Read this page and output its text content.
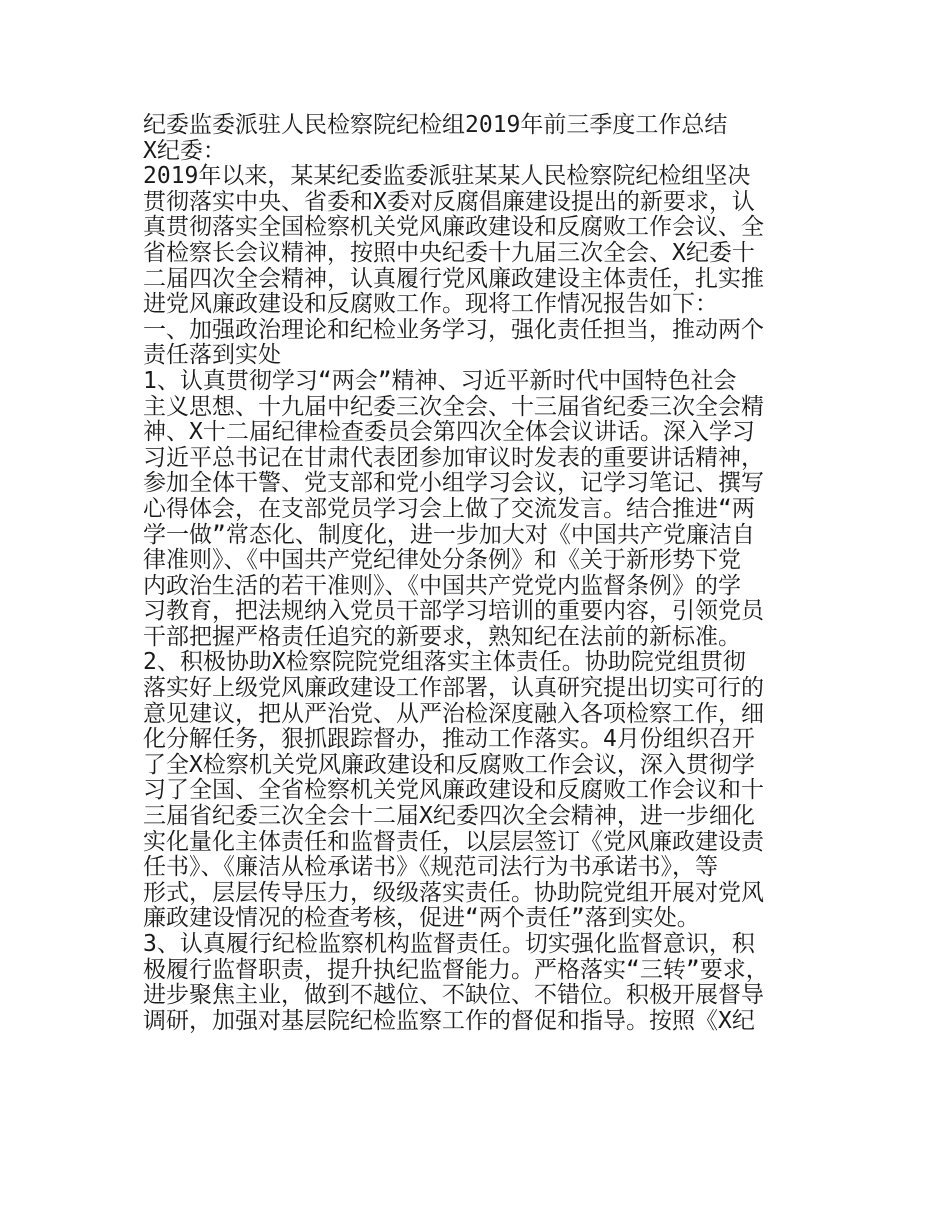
纪委监委派驻人民检察院纪检组2019年前三季度工作总结
X纪委：
2019年以来，某某纪委监委派驻某某人民检察院纪检组坚决
贯彻落实中央、省委和X委对反腐倡廉建设提出的新要求，认
真贯彻落实全国检察机关党风廉政建设和反腐败工作会议、全
省检察长会议精神，按照中央纪委十九届三次全会、X纪委十
二届四次全会精神，认真履行党风廉政建设主体责任，扎实推
进党风廉政建设和反腐败工作。现将工作情况报告如下：
一、加强政治理论和纪检业务学习，强化责任担当，推动两个
责任落到实处
1、认真贯彻学习“两会”精神、习近平新时代中国特色社会
主义思想、十九届中纪委三次全会、十三届省纪委三次全会精
神、X十二届纪律检查委员会第四次全体会议讲话。深入学习
习近平总书记在甘肃代表团参加审议时发表的重要讲话精神，
参加全体干警、党支部和党小组学习会议，记学习笔记、撰写
心得体会，在支部党员学习会上做了交流发言。结合推进“两
学一做”常态化、制度化，进一步加大对《中国共产党廉洁自
律准则》、《中国共产党纪律处分条例》和《关于新形势下党
内政治生活的若干准则》、《中国共产党党内监督条例》的学
习教育，把法规纳入党员干部学习培训的重要内容，引领党员
干部把握严格责任追究的新要求，熟知纪在法前的新标准。
2、积极协助X检察院院党组落实主体责任。协助院党组贯彻
落实好上级党风廉政建设工作部署，认真研究提出切实可行的
意见建议，把从严治党、从严治检深度融入各项检察工作，细
化分解任务，狠抓跟踪督办，推动工作落实。4月份组织召开
了全X检察机关党风廉政建设和反腐败工作会议，深入贯彻学
习了全国、全省检察机关党风廉政建设和反腐败工作会议和十
三届省纪委三次全会十二届X纪委四次全会精神，进一步细化
实化量化主体责任和监督责任，以层层签订《党风廉政建设责
任书》、《廉洁从检承诺书》《规范司法行为书承诺书》，等
形式，层层传导压力，级级落实责任。协助院党组开展对党风
廉政建设情况的检查考核，促进“两个责任”落到实处。
3、认真履行纪检监察机构监督责任。切实强化监督意识，积
极履行监督职责，提升执纪监督能力。严格落实“三转”要求，
进步聚焦主业，做到不越位、不缺位、不错位。积极开展督导
调研，加强对基层院纪检监察工作的督促和指导。按照《X纪
